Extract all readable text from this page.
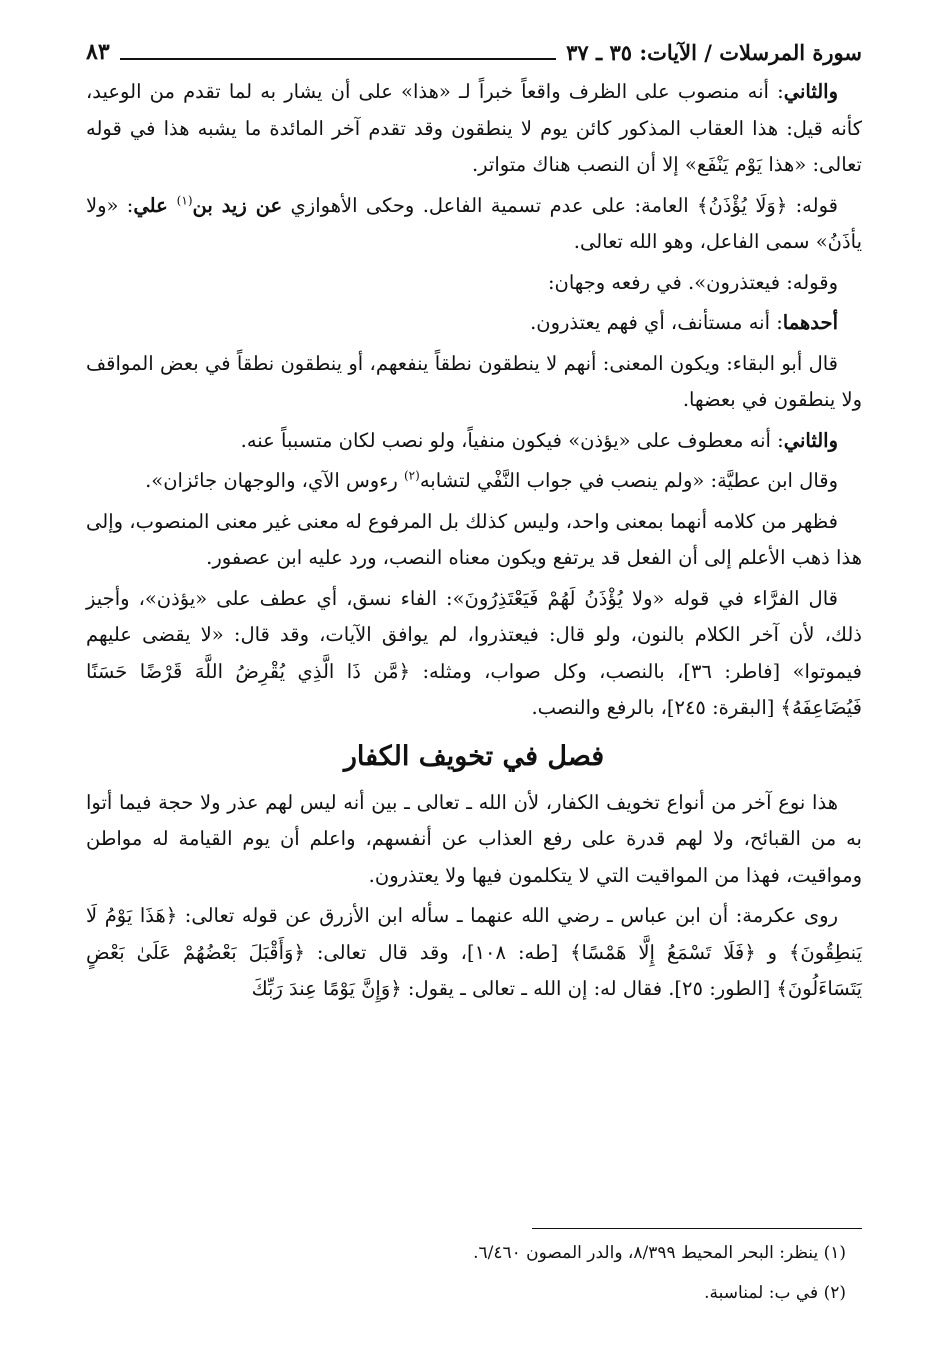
سورة المرسلات / الآيات: ٣٥ ـ ٣٧
٨٣

والثاني: أنه منصوب على الظرف واقعاً خبراً لـ «هذا» على أن يشار به لما تقدم من الوعيد، كأنه قيل: هذا العقاب المذكور كائن يوم لا ينطقون وقد تقدم آخر المائدة ما يشبه هذا في قوله تعالى: «هذا يَوْم يَنْفَع» إلا أن النصب هناك متواتر.

قوله: ﴿وَلَا يُؤْذَنُ﴾ العامة: على عدم تسمية الفاعل. وحكى الأهوازي عن زيد بن$^{(١)}$ علي: «ولا يأذَنُ» سمى الفاعل، وهو الله تعالى.

وقوله: فيعتذرون». في رفعه وجهان:

أحدهما: أنه مستأنف، أي فهم يعتذرون.

قال أبو البقاء: ويكون المعنى: أنهم لا ينطقون نطقاً ينفعهم، أو ينطقون نطقاً في بعض المواقف ولا ينطقون في بعضها.

والثاني: أنه معطوف على «يؤذن» فيكون منفياً، ولو نصب لكان متسبباً عنه.

وقال ابن عطيَّة: «ولم ينصب في جواب النَّفْي لتشابه$^{(٢)}$ رءوس الآي، والوجهان جائزان».

فظهر من كلامه أنهما بمعنى واحد، وليس كذلك بل المرفوع له معنى غير معنى المنصوب، وإلى هذا ذهب الأعلم إلى أن الفعل قد يرتفع ويكون معناه النصب، ورد عليه ابن عصفور.

قال الفرَّاء في قوله «ولا يُؤْذَنُ لَهُمْ فَيَعْتَذِرُونَ»: الفاء نسق، أي عطف على «يؤذن»، وأجيز ذلك، لأن آخر الكلام بالنون، ولو قال: فيعتذروا، لم يوافق الآيات، وقد قال: «لا يقضى عليهم فيموتوا» [فاطر: ٣٦]، بالنصب، وكل صواب، ومثله: ﴿مَّن ذَا الَّذِي يُقْرِضُ اللَّهَ قَرْضًا حَسَنًا فَيُضَاعِفَهُ﴾ [البقرة: ٢٤٥]، بالرفع والنصب.

فصل في تخويف الكفار

هذا نوع آخر من أنواع تخويف الكفار، لأن الله ـ تعالى ـ بين أنه ليس لهم عذر ولا حجة فيما أتوا به من القبائح، ولا لهم قدرة على رفع العذاب عن أنفسهم، واعلم أن يوم القيامة له مواطن ومواقيت، فهذا من المواقيت التي لا يتكلمون فيها ولا يعتذرون.

روى عكرمة: أن ابن عباس ـ رضي الله عنهما ـ سأله ابن الأزرق عن قوله تعالى: ﴿هَذَا يَوْمُ لَا يَنطِقُونَ﴾ و ﴿فَلَا تَسْمَعُ إِلَّا هَمْسًا﴾ [طه: ١٠٨]، وقد قال تعالى: ﴿وَأَقْبَلَ بَعْضُهُمْ عَلَىٰ بَعْضٍ يَتَسَاءَلُونَ﴾ [الطور: ٢٥]. فقال له: إن الله ـ تعالى ـ يقول: ﴿وَإِنَّ يَوْمًا عِندَ رَبِّكَ

(١) ينظر: البحر المحيط ٨/٣٩٩، والدر المصون ٦/٤٦٠.
(٢) في ب: لمناسبة.
